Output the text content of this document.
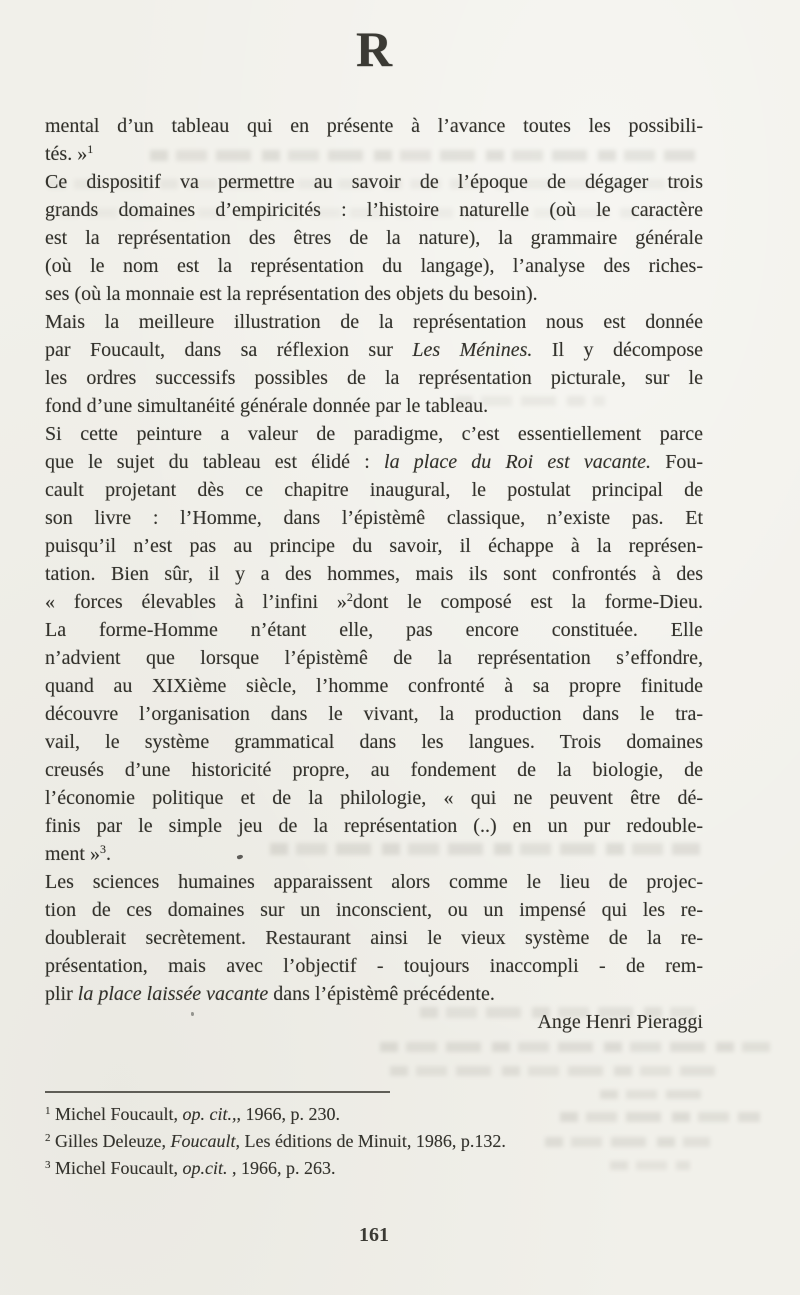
R
mental d’un tableau qui en présente à l’avance toutes les possibili-
tés. »$^1$
Ce dispositif va permettre au savoir de l’époque de dégager trois
grands domaines d’empiricités : l’histoire naturelle (où le caractère
est la représentation des êtres de la nature), la grammaire générale
(où le nom est la représentation du langage), l’analyse des riches-
ses (où la monnaie est la représentation des objets du besoin).
Mais la meilleure illustration de la représentation nous est donnée
par Foucault, dans sa réflexion sur Les Ménines. Il y décompose
les ordres successifs possibles de la représentation picturale, sur le
fond d’une simultanéité générale donnée par le tableau.
Si cette peinture a valeur de paradigme, c’est essentiellement parce
que le sujet du tableau est élidé : la place du Roi est vacante. Fou-
cault projetant dès ce chapitre inaugural, le postulat principal de
son livre : l’Homme, dans l’épistèmê classique, n’existe pas. Et
puisqu’il n’est pas au principe du savoir, il échappe à la représen-
tation. Bien sûr, il y a des hommes, mais ils sont confrontés à des
« forces élevables à l’infini »$^2$dont le composé est la forme-Dieu.
La forme-Homme n’étant elle, pas encore constituée. Elle
n’advient que lorsque l’épistèmê de la représentation s’effondre,
quand au XIXième siècle, l’homme confronté à sa propre finitude
découvre l’organisation dans le vivant, la production dans le tra-
vail, le système grammatical dans les langues. Trois domaines
creusés d’une historicité propre, au fondement de la biologie, de
l’économie politique et de la philologie, « qui ne peuvent être dé-
finis par le simple jeu de la représentation (..) en un pur redouble-
ment »$^3$.
Les sciences humaines apparaissent alors comme le lieu de projec-
tion de ces domaines sur un inconscient, ou un impensé qui les re-
doublerait secrètement. Restaurant ainsi le vieux système de la re-
présentation, mais avec l’objectif - toujours inaccompli - de rem-
plir la place laissée vacante dans l’épistèmê précédente.
Ange Henri Pieraggi
$^1$ Michel Foucault, op. cit.,, 1966, p. 230.
$^2$ Gilles Deleuze, Foucault, Les éditions de Minuit, 1986, p.132.
$^3$ Michel Foucault, op.cit. , 1966, p. 263.
161
